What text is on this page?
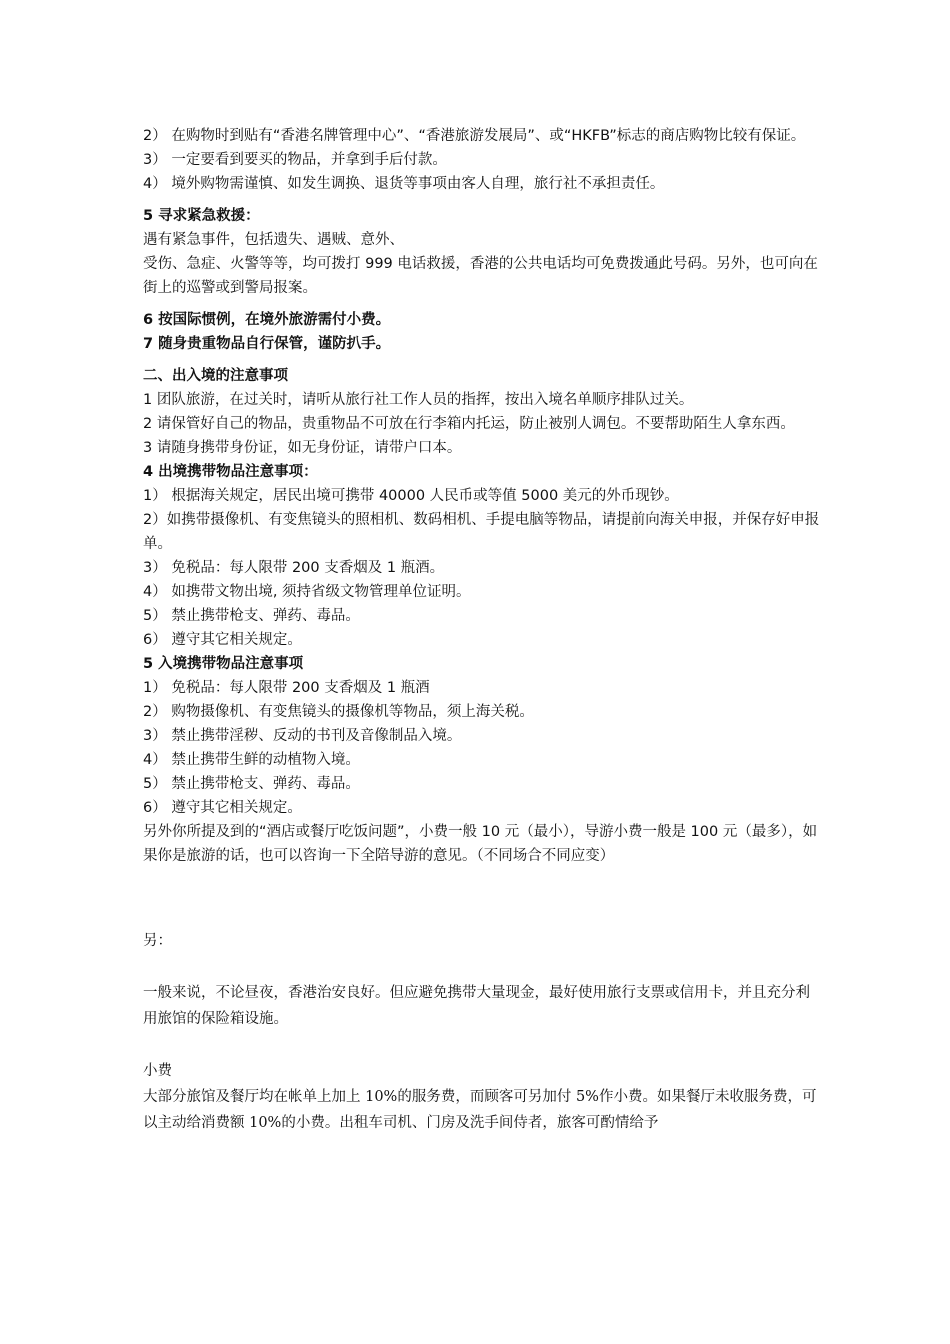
2） 在购物时到贴有“香港名牌管理中心”、“香港旅游发展局”、或“HKFB”标志的商店购物比较有保证。

3） 一定要看到要买的物品，并拿到手后付款。

4） 境外购物需谨慎、如发生调换、退货等事项由客人自理，旅行社不承担责任。

5 寻求紧急救援：

遇有紧急事件，包括遗失、遇贼、意外、

受伤、急症、火警等等，均可拨打 999 电话救援，香港的公共电话均可免费拨通此号码。另外，也可向在街上的巡警或到警局报案。

6 按国际惯例，在境外旅游需付小费。

7 随身贵重物品自行保管，谨防扒手。

二、出入境的注意事项

1 团队旅游，在过关时，请听从旅行社工作人员的指挥，按出入境名单顺序排队过关。

2 请保管好自己的物品，贵重物品不可放在行李箱内托运，防止被别人调包。不要帮助陌生人拿东西。

3 请随身携带身份证，如无身份证，请带户口本。

4 出境携带物品注意事项：

1） 根据海关规定，居民出境可携带 40000 人民币或等值 5000 美元的外币现钞。

2）如携带摄像机、有变焦镜头的照相机、数码相机、手提电脑等物品，请提前向海关申报，并保存好申报单。

3） 免税品：每人限带 200 支香烟及 1 瓶酒。

4） 如携带文物出境, 须持省级文物管理单位证明。

5） 禁止携带枪支、弹药、毒品。

6） 遵守其它相关规定。

5 入境携带物品注意事项

1） 免税品：每人限带 200 支香烟及 1 瓶酒

2） 购物摄像机、有变焦镜头的摄像机等物品，须上海关税。

3） 禁止携带淫秽、反动的书刊及音像制品入境。

4） 禁止携带生鲜的动植物入境。

5） 禁止携带枪支、弹药、毒品。

6） 遵守其它相关规定。

另外你所提及到的“酒店或餐厅吃饭问题”，小费一般 10 元（最小），导游小费一般是 100 元（最多），如果你是旅游的话，也可以咨询一下全陪导游的意见。（不同场合不同应变）

另：

一般来说，不论昼夜，香港治安良好。但应避免携带大量现金，最好使用旅行支票或信用卡，并且充分利用旅馆的保险箱设施。

小费

大部分旅馆及餐厅均在帐单上加上 10%的服务费，而顾客可另加付 5%作小费。如果餐厅未收服务费，可以主动给消费额 10%的小费。出租车司机、门房及洗手间侍者，旅客可酌情给予
